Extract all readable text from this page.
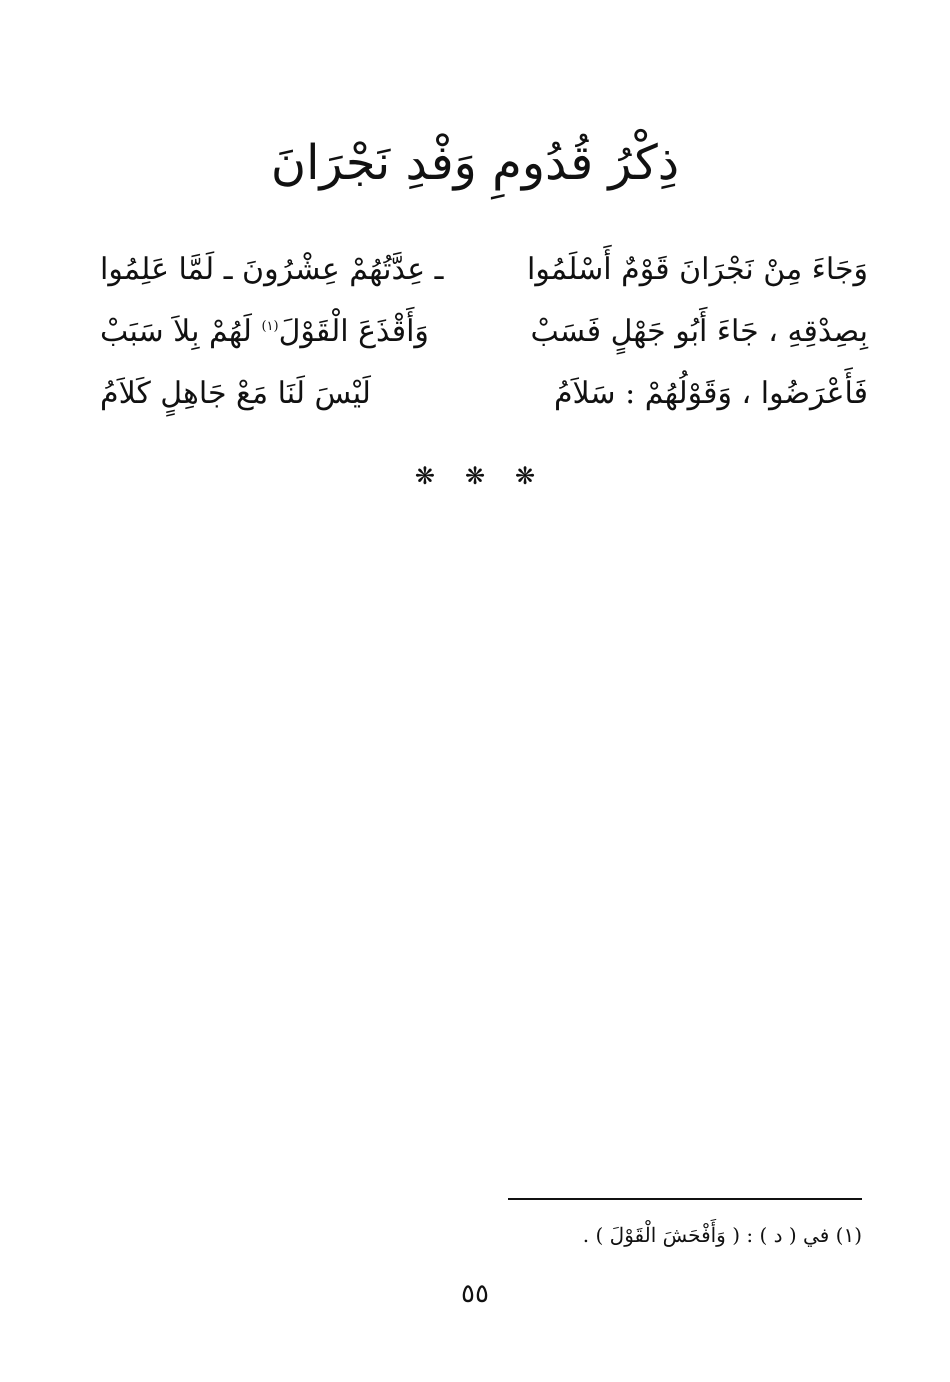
ذِكْرُ قُدُومِ وَفْدِ نَجْرَانَ
وَجَاءَ مِنْ نَجْرَانَ قَوْمٌ أَسْلَمُوا
ـ عِدَّتُهُمْ عِشْرُونَ ـ لَمَّا عَلِمُوا
بِصِدْقِهِ ، جَاءَ أَبُو جَهْلٍ فَسَبْ
وَأَقْذَعَ الْقَوْلَ$^{(١)}$ لَهُمْ بِلاَ سَبَبْ
فَأَعْرَضُوا ، وَقَوْلُهُمْ : سَلاَمُ
لَيْسَ لَنَا مَعْ جَاهِلٍ كَلاَمُ
❋❋❋
(١) في ( د ) : ( وَأَفْحَشَ الْقَوْلَ ) .
٥٥
